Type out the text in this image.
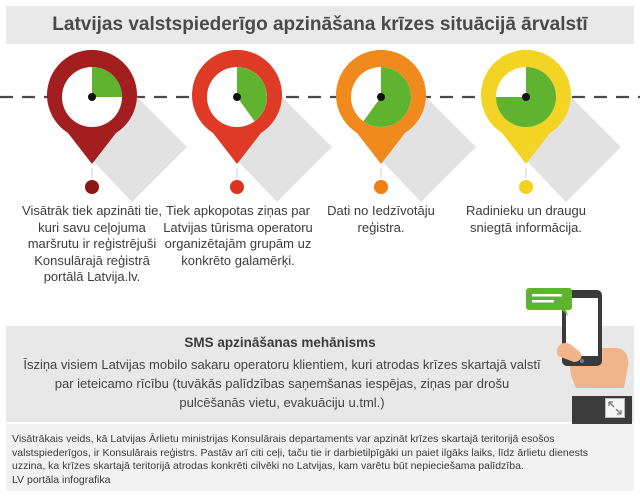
Latvijas valstspiederīgo apzināšana krīzes situācijā ārvalstī
Visātrāk tiek apzināti tie, kuri savu ceļojuma maršrutu ir reģistrējuši Konsulārajā reģistrā portālā Latvija.lv.
Tiek apkopotas ziņas par Latvijas tūrisma operatoru organizētajām grupām uz konkrēto galamērķi.
Dati no Iedzīvotāju reģistra.
Radinieku un draugu sniegtā informācija.
SMS apzināšanas mehānisms
Īsziņa visiem Latvijas mobilo sakaru operatoru klientiem, kuri atrodas krīzes skartajā valstī par ieteicamo rīcību (tuvākās palīdzības saņemšanas iespējas, ziņas par drošu pulcēšanās vietu, evakuāciju u.tml.)
Visātrākais veids, kā Latvijas Ārlietu ministrijas Konsulārais departaments var apzināt krīzes skartajā teritorijā esošos valstspiederīgos, ir Konsulārais reģistrs. Pastāv arī citi ceļi, taču tie ir darbietilpīgāki un paiet ilgāks laiks, līdz ārlietu dienests uzzina, ka krīzes skartajā teritorijā atrodas konkrēti cilvēki no Latvijas, kam varētu būt nepieciešama palīdzība.
LV portāla infografika
